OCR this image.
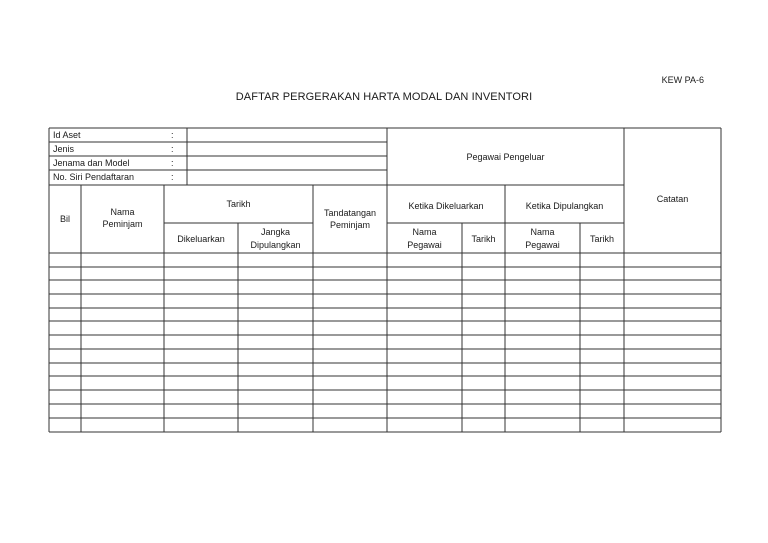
KEW PA-6
DAFTAR PERGERAKAN HARTA MODAL DAN INVENTORI
Id Aset
Jenis
Jenama dan Model
No. Siri Pendaftaran
:
:
:
:
Pegawai Pengeluar
Catatan
Bil
Nama
Peminjam
Tarikh
Dikeluarkan
Jangka
Dipulangkan
Tandatangan
Peminjam
Ketika Dikeluarkan	Ketika Dipulangkan
Nama
Pegawai
Tarikh
Nama
Pegawai
Tarikh
